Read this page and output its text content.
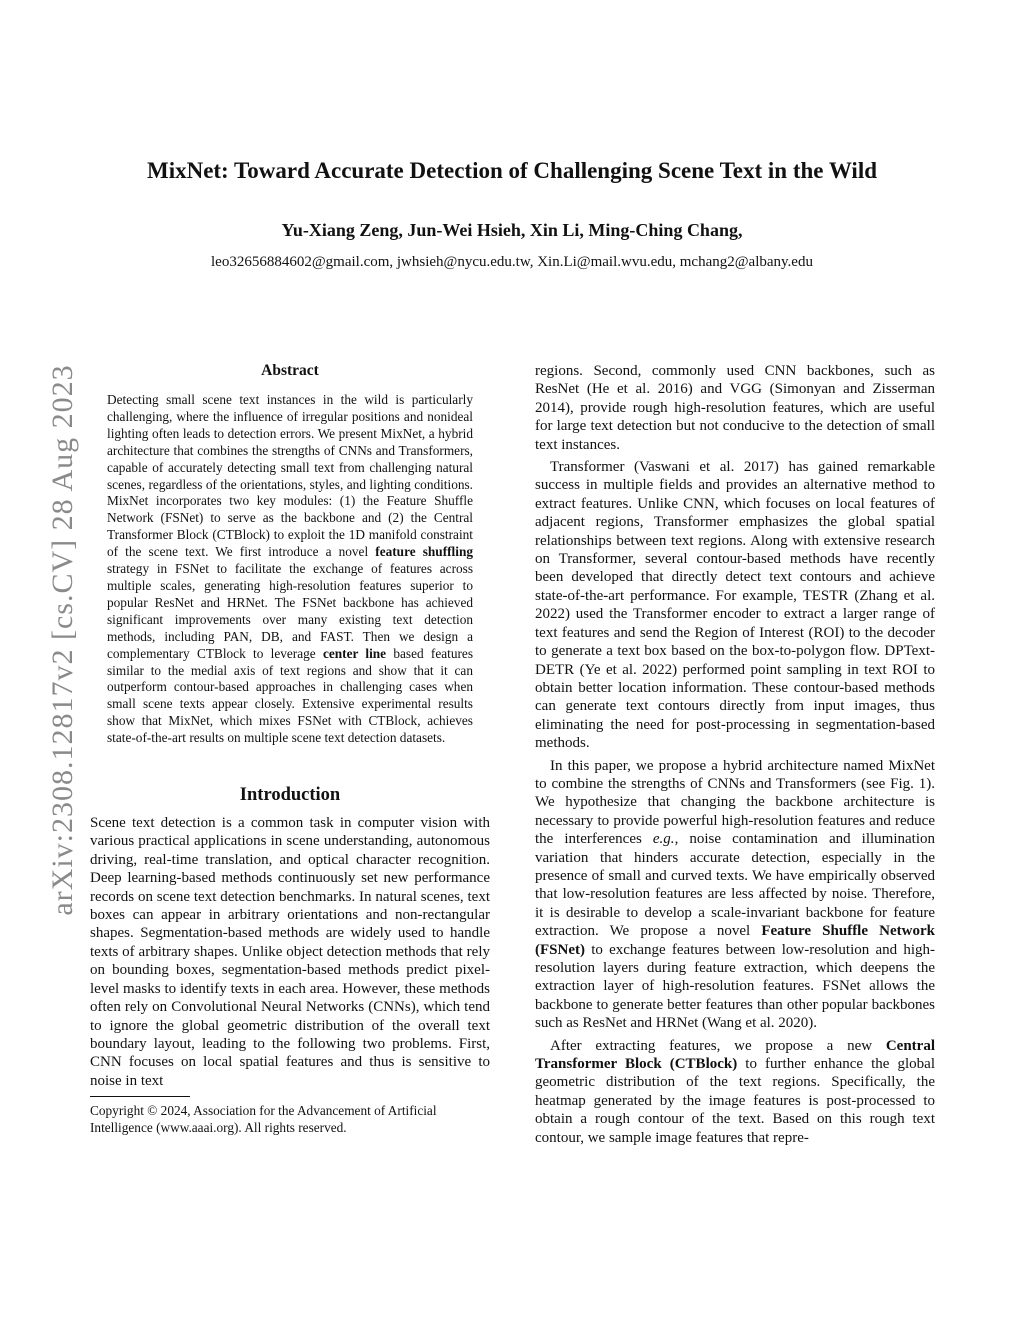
arXiv:2308.12817v2 [cs.CV] 28 Aug 2023
MixNet: Toward Accurate Detection of Challenging Scene Text in the Wild
Yu-Xiang Zeng, Jun-Wei Hsieh, Xin Li, Ming-Ching Chang,
leo32656884602@gmail.com, jwhsieh@nycu.edu.tw, Xin.Li@mail.wvu.edu, mchang2@albany.edu
Abstract

Detecting small scene text instances in the wild is particularly challenging, where the influence of irregular positions and nonideal lighting often leads to detection errors. We present MixNet, a hybrid architecture that combines the strengths of CNNs and Transformers, capable of accurately detecting small text from challenging natural scenes, regardless of the orientations, styles, and lighting conditions. MixNet incorporates two key modules: (1) the Feature Shuffle Network (FSNet) to serve as the backbone and (2) the Central Transformer Block (CTBlock) to exploit the 1D manifold constraint of the scene text. We first introduce a novel feature shuffling strategy in FSNet to facilitate the exchange of features across multiple scales, generating high-resolution features superior to popular ResNet and HRNet. The FSNet backbone has achieved significant improvements over many existing text detection methods, including PAN, DB, and FAST. Then we design a complementary CTBlock to leverage center line based features similar to the medial axis of text regions and show that it can outperform contour-based approaches in challenging cases when small scene texts appear closely. Extensive experimental results show that MixNet, which mixes FSNet with CTBlock, achieves state-of-the-art results on multiple scene text detection datasets.

Introduction

Scene text detection is a common task in computer vision with various practical applications in scene understanding, autonomous driving, real-time translation, and optical character recognition. Deep learning-based methods continuously set new performance records on scene text detection benchmarks. In natural scenes, text boxes can appear in arbitrary orientations and non-rectangular shapes. Segmentation-based methods are widely used to handle texts of arbitrary shapes. Unlike object detection methods that rely on bounding boxes, segmentation-based methods predict pixel-level masks to identify texts in each area. However, these methods often rely on Convolutional Neural Networks (CNNs), which tend to ignore the global geometric distribution of the overall text boundary layout, leading to the following two problems. First, CNN focuses on local spatial features and thus is sensitive to noise in text

Copyright © 2024, Association for the Advancement of Artificial Intelligence (www.aaai.org). All rights reserved.

regions. Second, commonly used CNN backbones, such as ResNet (He et al. 2016) and VGG (Simonyan and Zisserman 2014), provide rough high-resolution features, which are useful for large text detection but not conducive to the detection of small text instances.

Transformer (Vaswani et al. 2017) has gained remarkable success in multiple fields and provides an alternative method to extract features. Unlike CNN, which focuses on local features of adjacent regions, Transformer emphasizes the global spatial relationships between text regions. Along with extensive research on Transformer, several contour-based methods have recently been developed that directly detect text contours and achieve state-of-the-art performance. For example, TESTR (Zhang et al. 2022) used the Transformer encoder to extract a larger range of text features and send the Region of Interest (ROI) to the decoder to generate a text box based on the box-to-polygon flow. DPText-DETR (Ye et al. 2022) performed point sampling in text ROI to obtain better location information. These contour-based methods can generate text contours directly from input images, thus eliminating the need for post-processing in segmentation-based methods.

In this paper, we propose a hybrid architecture named MixNet to combine the strengths of CNNs and Transformers (see Fig. 1). We hypothesize that changing the backbone architecture is necessary to provide powerful high-resolution features and reduce the interferences e.g., noise contamination and illumination variation that hinders accurate detection, especially in the presence of small and curved texts. We have empirically observed that low-resolution features are less affected by noise. Therefore, it is desirable to develop a scale-invariant backbone for feature extraction. We propose a novel Feature Shuffle Network (FSNet) to exchange features between low-resolution and high-resolution layers during feature extraction, which deepens the extraction layer of high-resolution features. FSNet allows the backbone to generate better features than other popular backbones such as ResNet and HRNet (Wang et al. 2020).

After extracting features, we propose a new Central Transformer Block (CTBlock) to further enhance the global geometric distribution of the text regions. Specifically, the heatmap generated by the image features is post-processed to obtain a rough contour of the text. Based on this rough text contour, we sample image features that repre-
